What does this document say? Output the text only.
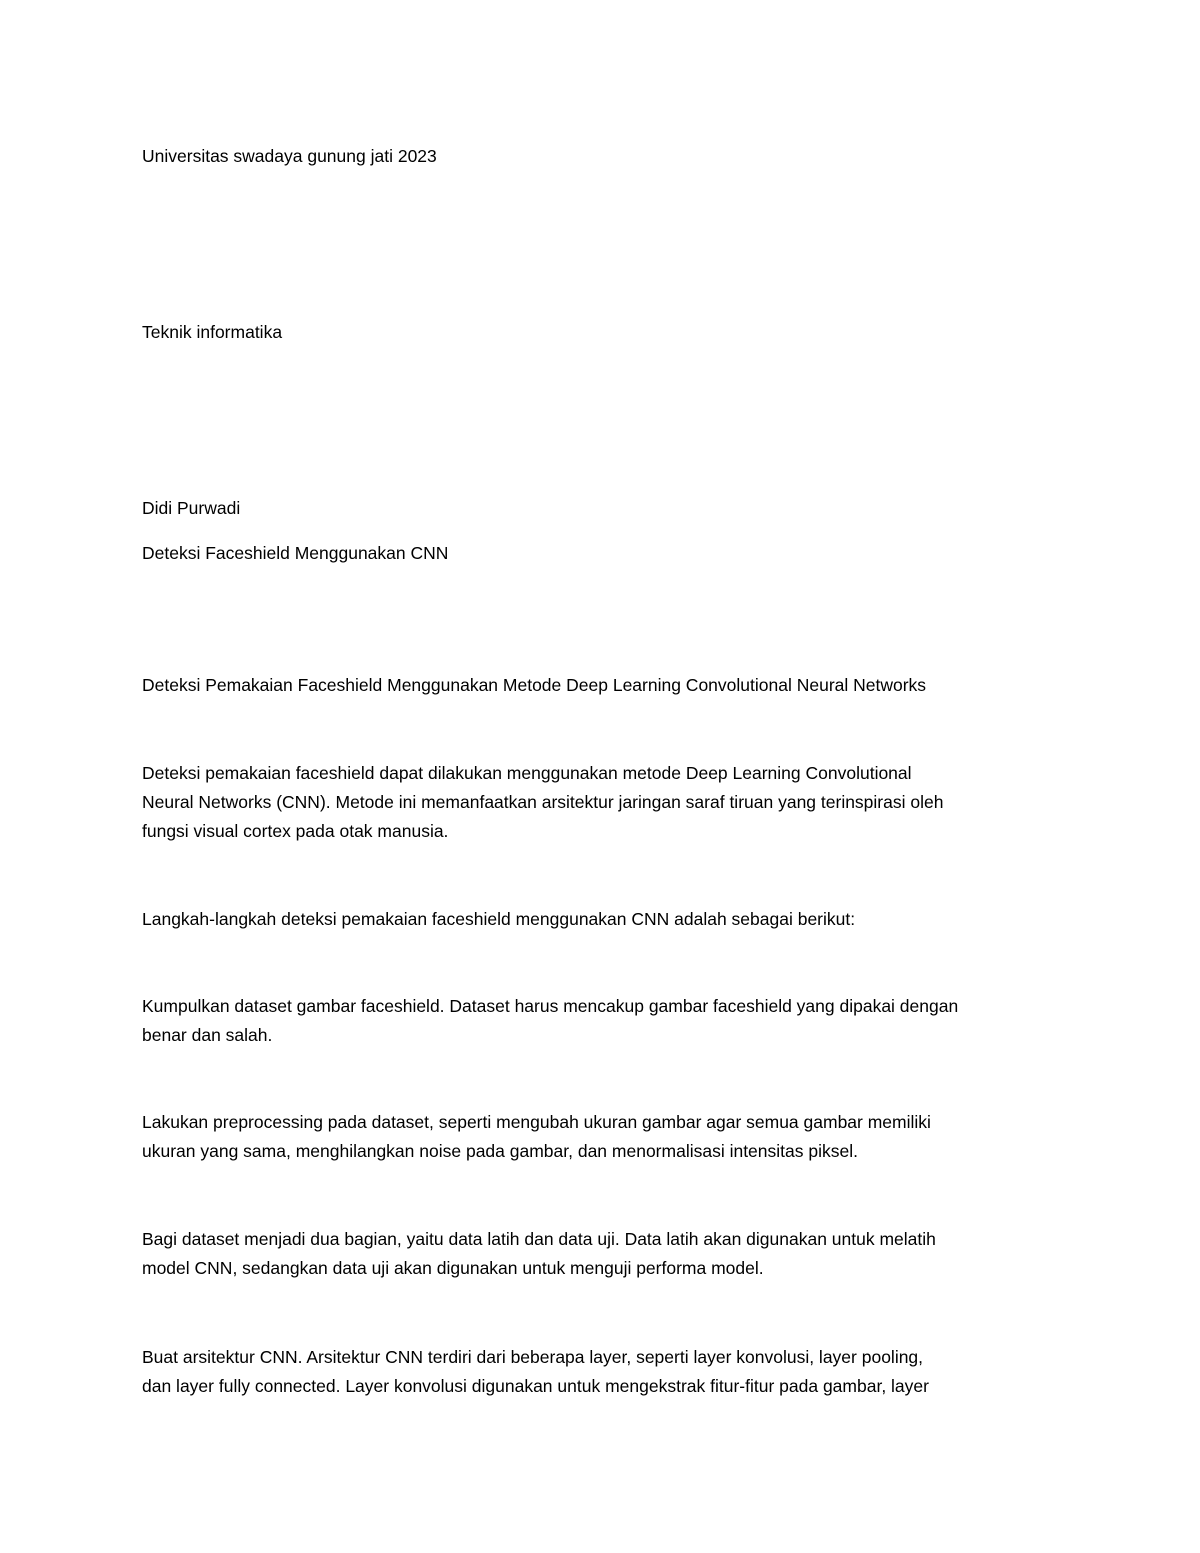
Universitas swadaya gunung jati 2023
Teknik informatika
Didi Purwadi
Deteksi Faceshield Menggunakan CNN
Deteksi Pemakaian Faceshield Menggunakan Metode Deep Learning Convolutional Neural Networks
Deteksi pemakaian faceshield dapat dilakukan menggunakan metode Deep Learning Convolutional
Neural Networks (CNN). Metode ini memanfaatkan arsitektur jaringan saraf tiruan yang terinspirasi oleh
fungsi visual cortex pada otak manusia.
Langkah-langkah deteksi pemakaian faceshield menggunakan CNN adalah sebagai berikut:
Kumpulkan dataset gambar faceshield. Dataset harus mencakup gambar faceshield yang dipakai dengan
benar dan salah.
Lakukan preprocessing pada dataset, seperti mengubah ukuran gambar agar semua gambar memiliki
ukuran yang sama, menghilangkan noise pada gambar, dan menormalisasi intensitas piksel.
Bagi dataset menjadi dua bagian, yaitu data latih dan data uji. Data latih akan digunakan untuk melatih
model CNN, sedangkan data uji akan digunakan untuk menguji performa model.
Buat arsitektur CNN. Arsitektur CNN terdiri dari beberapa layer, seperti layer konvolusi, layer pooling,
dan layer fully connected. Layer konvolusi digunakan untuk mengekstrak fitur-fitur pada gambar, layer
